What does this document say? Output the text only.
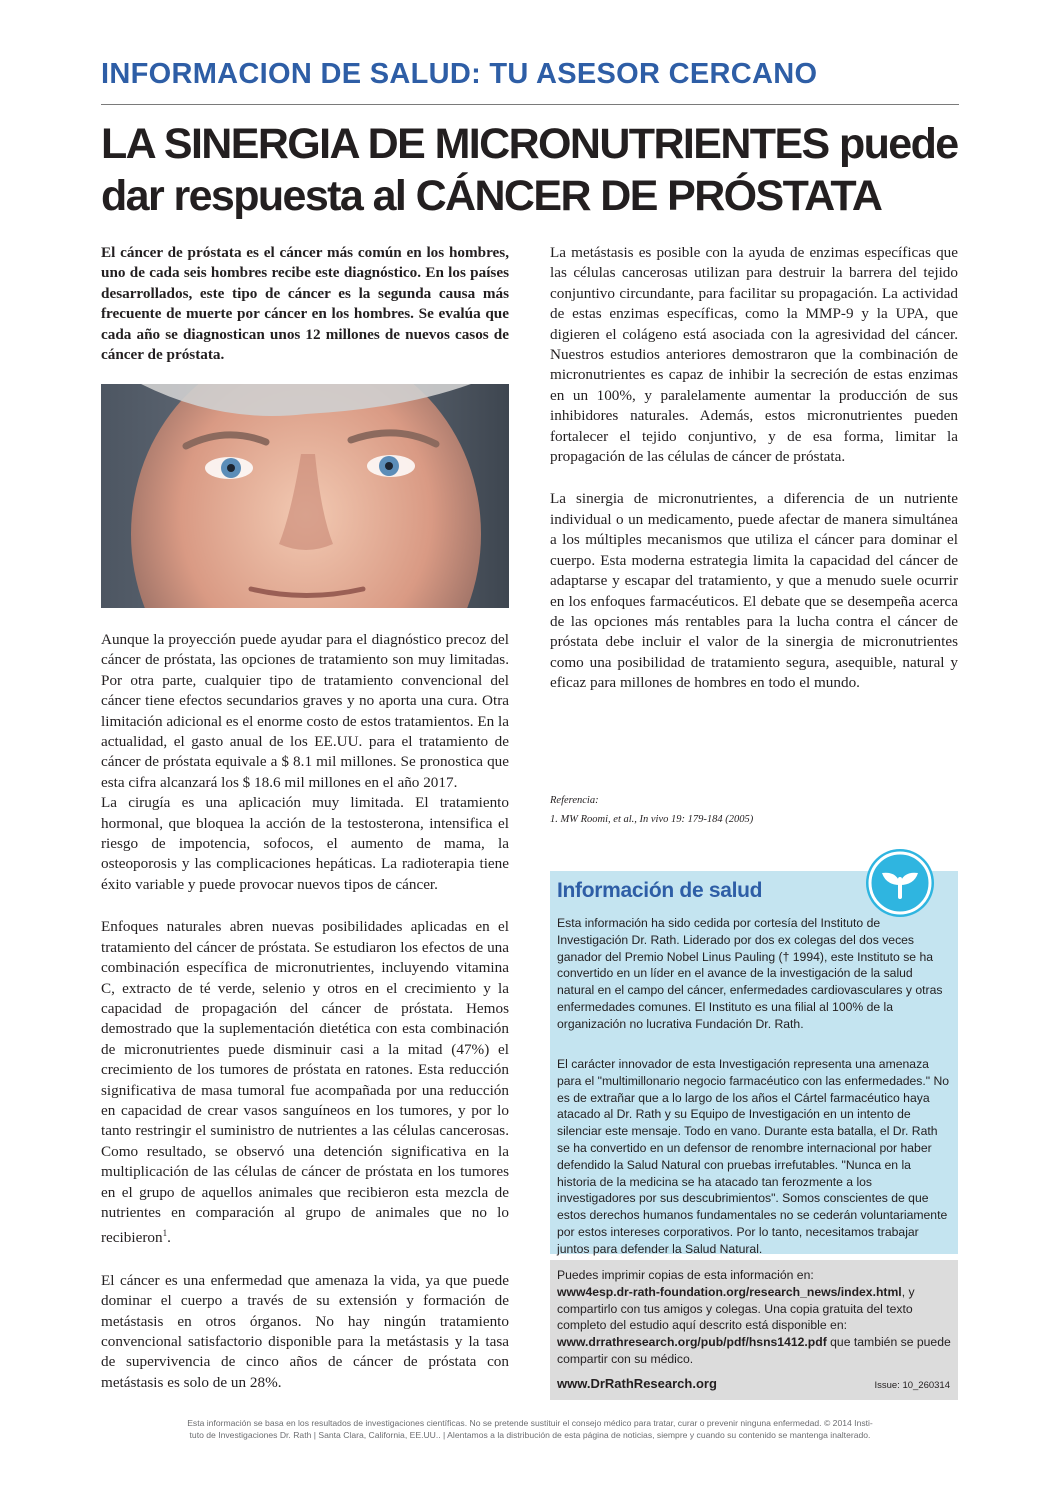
INFORMACION DE SALUD: TU ASESOR CERCANO
LA SINERGIA DE MICRONUTRIENTES puede
dar respuesta al CÁNCER DE PRÓSTATA
El cáncer de próstata es el cáncer más común en los hombres, uno de cada seis hombres recibe este diagnóstico. En los países desarrollados, este tipo de cáncer es la segunda causa más frecuente de muerte por cáncer en los hombres. Se evalúa que cada año se diagnostican unos 12 millones de nuevos casos de cáncer de próstata.

Aunque la proyección puede ayudar para el diagnóstico precoz del cáncer de próstata, las opciones de tratamiento son muy limitadas. Por otra parte, cualquier tipo de tratamiento convencional del cáncer tiene efectos secundarios graves y no aporta una cura. Otra limitación adicional es el enorme costo de estos tratamientos. En la actualidad, el gasto anual de los EE.UU. para el tratamiento de cáncer de próstata equivale a $ 8.1 mil millones. Se pronostica que esta cifra alcanzará los $ 18.6 mil millones en el año 2017.

La cirugía es una aplicación muy limitada. El tratamiento hormonal, que bloquea la acción de la testosterona, intensifica el riesgo de impotencia, sofocos, el aumento de mama, la osteoporosis y las complicaciones hepáticas. La radioterapia tiene éxito variable y puede provocar nuevos tipos de cáncer.

Enfoques naturales abren nuevas posibilidades aplicadas en el tratamiento del cáncer de próstata. Se estudiaron los efectos de una combinación específica de micronutrientes, incluyendo vitamina C, extracto de té verde, selenio y otros en el crecimiento y la capacidad de propagación del cáncer de próstata. Hemos demostrado que la suplementación dietética con esta combinación de micronutrientes puede disminuir casi a la mitad (47%) el crecimiento de los tumores de próstata en ratones. Esta reducción significativa de masa tumoral fue acompañada por una reducción en capacidad de crear vasos sanguíneos en los tumores, y por lo tanto restringir el suministro de nutrientes a las células cancerosas. Como resultado, se observó una detención significativa en la multiplicación de las células de cáncer de próstata en los tumores en el grupo de aquellos animales que recibieron esta mezcla de nutrientes en comparación al grupo de animales que no lo recibieron$^1$.

El cáncer es una enfermedad que amenaza la vida, ya que puede dominar el cuerpo a través de su extensión y formación de metástasis en otros órganos. No hay ningún tratamiento convencional satisfactorio disponible para la metástasis y la tasa de supervivencia de cinco años de cáncer de próstata con metástasis es solo de un 28%.

La metástasis es posible con la ayuda de enzimas específicas que las células cancerosas utilizan para destruir la barrera del tejido conjuntivo circundante, para facilitar su propagación. La actividad de estas enzimas específicas, como la MMP-9 y la UPA, que digieren el colágeno está asociada con la agresividad del cáncer. Nuestros estudios anteriores demostraron que la combinación de micronutrientes es capaz de inhibir la secreción de estas enzimas en un 100%, y paralelamente aumentar la producción de sus inhibidores naturales. Además, estos micronutrientes pueden fortalecer el tejido conjuntivo, y de esa forma, limitar la propagación de las células de cáncer de próstata.

La sinergia de micronutrientes, a diferencia de un nutriente individual o un medicamento, puede afectar de manera simultánea a los múltiples mecanismos que utiliza el cáncer para dominar el cuerpo. Esta moderna estrategia limita la capacidad del cáncer de adaptarse y escapar del tratamiento, y que a menudo suele ocurrir en los enfoques farmacéuticos. El debate que se desempeña acerca de las opciones más rentables para la lucha contra el cáncer de próstata debe incluir el valor de la sinergia de micronutrientes como una posibilidad de tratamiento segura, asequible, natural y eficaz para millones de hombres en todo el mundo.

Referencia:
1. MW Roomi, et al., In vivo 19: 179-184 (2005)
Información de salud
Esta información ha sido cedida por cortesía del Instituto de Investigación Dr. Rath. Liderado por dos ex colegas del dos veces ganador del Premio Nobel Linus Pauling († 1994), este Instituto se ha convertido en un líder en el avance de la investigación de la salud natural en el campo del cáncer, enfermedades cardiovasculares y otras enfermedades comunes. El Instituto es una filial al 100% de la organización no lucrativa Fundación Dr. Rath.
El carácter innovador de esta Investigación representa una amenaza para el "multimillonario negocio farmacéutico con las enfermedades." No es de extrañar que a lo largo de los años el Cártel farmacéutico haya atacado al Dr. Rath y su Equipo de Investigación en un intento de silenciar este mensaje. Todo en vano. Durante esta batalla, el Dr. Rath se ha convertido en un defensor de renombre internacional por haber defendido la Salud Natural con pruebas irrefutables. "Nunca en la historia de la medicina se ha atacado tan ferozmente a los investigadores por sus descubrimientos". Somos conscientes de que estos derechos humanos fundamentales no se cederán voluntariamente por estos intereses corporativos. Por lo tanto, necesitamos trabajar juntos para defender la Salud Natural.
Puedes imprimir copias de esta información en:
www4esp.dr-rath-foundation.org/research_news/index.html, y compartirlo con tus amigos y colegas. Una copia gratuita del texto completo del estudio aquí descrito está disponible en: www.drrathresearch.org/pub/pdf/hsns1412.pdf que también se puede compartir con su médico.
www.DrRathResearch.org	Issue: 10_260314
Esta información se basa en los resultados de investigaciones científicas. No se pretende sustituir el consejo médico para tratar, curar o prevenir ninguna enfermedad. © 2014 Insti-
tuto de Investigaciones Dr. Rath | Santa Clara, California, EE.UU.. | Alentamos a la distribución de esta página de noticias, siempre y cuando su contenido se mantenga inalterado.
